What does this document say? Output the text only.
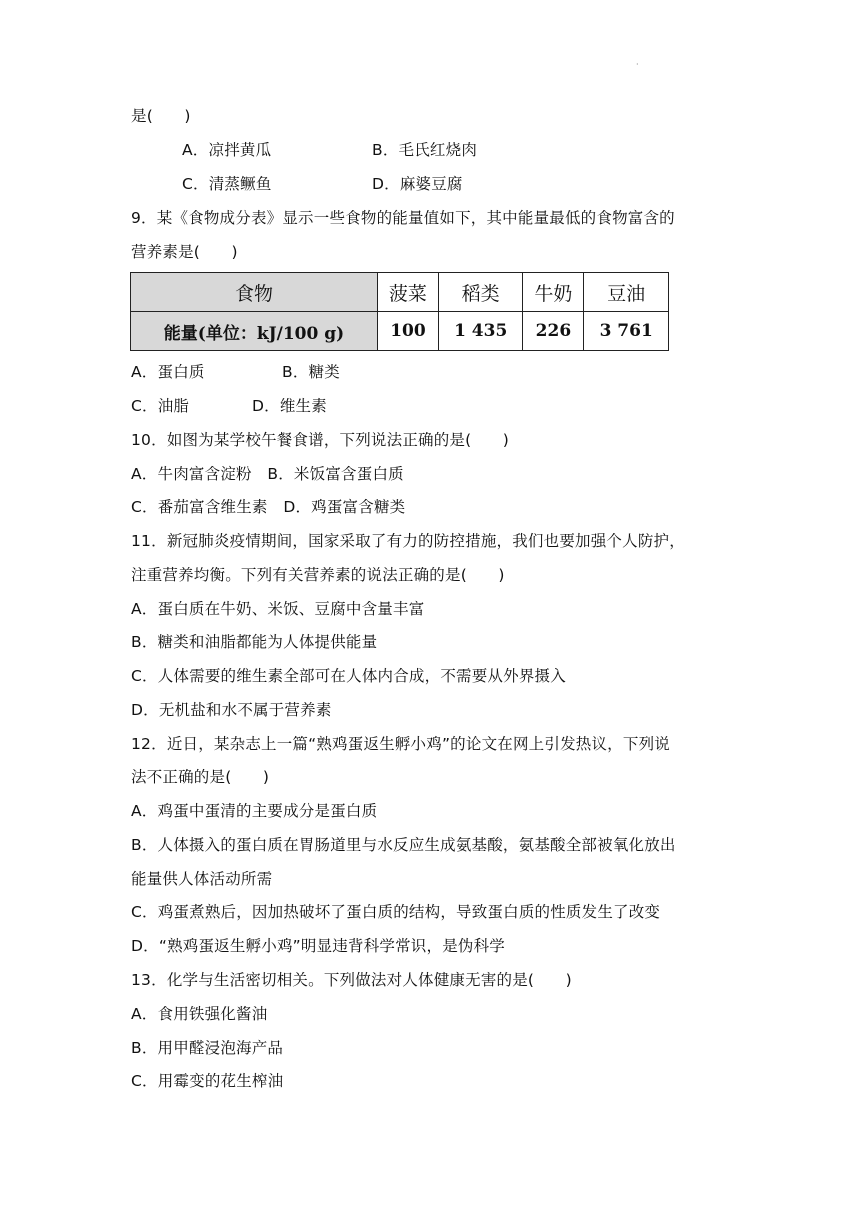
·
是(　　)
A．凉拌黄瓜	B．毛氏红烧肉
C．清蒸鳜鱼	D．麻婆豆腐
9．某《食物成分表》显示一些食物的能量值如下，其中能量最低的食物富含的
营养素是(　　)
食物	菠菜	稻类	牛奶	豆油
能量(单位：kJ/100 g)	100	1 435	226	3 761
A．蛋白质	B．糖类
C．油脂	D．维生素
10．如图为某学校午餐食谱，下列说法正确的是(　　)
A．牛肉富含淀粉　B．米饭富含蛋白质
C．番茄富含维生素　D．鸡蛋富含糖类
11．新冠肺炎疫情期间，国家采取了有力的防控措施，我们也要加强个人防护，
注重营养均衡。下列有关营养素的说法正确的是(　　)
A．蛋白质在牛奶、米饭、豆腐中含量丰富
B．糖类和油脂都能为人体提供能量
C．人体需要的维生素全部可在人体内合成，不需要从外界摄入
D．无机盐和水不属于营养素
12．近日，某杂志上一篇“熟鸡蛋返生孵小鸡”的论文在网上引发热议，下列说
法不正确的是(　　)
A．鸡蛋中蛋清的主要成分是蛋白质
B．人体摄入的蛋白质在胃肠道里与水反应生成氨基酸，氨基酸全部被氧化放出
能量供人体活动所需
C．鸡蛋煮熟后，因加热破坏了蛋白质的结构，导致蛋白质的性质发生了改变
D．“熟鸡蛋返生孵小鸡”明显违背科学常识，是伪科学
13．化学与生活密切相关。下列做法对人体健康无害的是(　　)
A．食用铁强化酱油
B．用甲醛浸泡海产品
C．用霉变的花生榨油
